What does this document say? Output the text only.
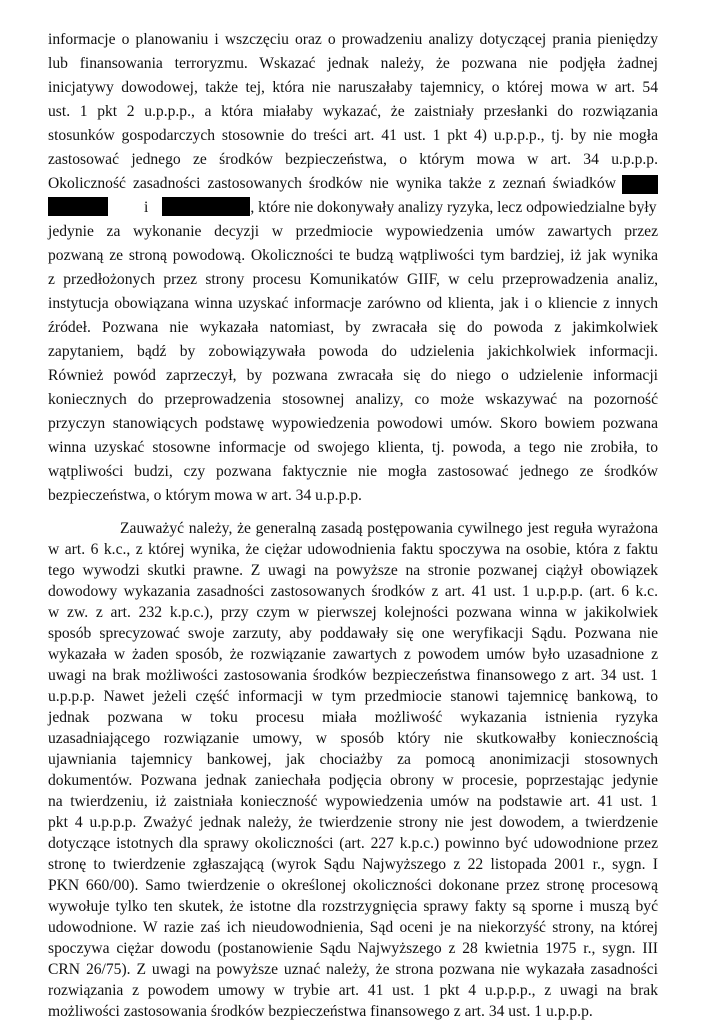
informacje o planowaniu i wszczęciu oraz o prowadzeniu analizy dotyczącej prania pieniędzy
lub finansowania terroryzmu. Wskazać jednak należy, że pozwana nie podjęła żadnej
inicjatywy dowodowej, także tej, która nie naruszałaby tajemnicy, o której mowa w art. 54
ust. 1 pkt 2 u.p.p.p., a która miałaby wykazać, że zaistniały przesłanki do rozwiązania
stosunków gospodarczych stosownie do treści art. 41 ust. 1 pkt 4) u.p.p.p., tj. by nie mogła
zastosować jednego ze środków bezpieczeństwa, o którym mowa w art. 34 u.p.p.p.
Okoliczność zasadności zastosowanych środków nie wynika także z zeznań świadków
i	, które nie dokonywały analizy ryzyka, lecz odpowiedzialne były
jedynie za wykonanie decyzji w przedmiocie wypowiedzenia umów zawartych przez
pozwaną ze stroną powodową. Okoliczności te budzą wątpliwości tym bardziej, iż jak wynika
z przedłożonych przez strony procesu Komunikatów GIIF, w celu przeprowadzenia analiz,
instytucja obowiązana winna uzyskać informacje zarówno od klienta, jak i o kliencie z innych
źródeł. Pozwana nie wykazała natomiast, by zwracała się do powoda z jakimkolwiek
zapytaniem, bądź by zobowiązywała powoda do udzielenia jakichkolwiek informacji.
Również powód zaprzeczył, by pozwana zwracała się do niego o udzielenie informacji
koniecznych do przeprowadzenia stosownej analizy, co może wskazywać na pozorność
przyczyn stanowiących podstawę wypowiedzenia powodowi umów. Skoro bowiem pozwana
winna uzyskać stosowne informacje od swojego klienta, tj. powoda, a tego nie zrobiła, to
wątpliwości budzi, czy pozwana faktycznie nie mogła zastosować jednego ze środków
bezpieczeństwa, o którym mowa w art. 34 u.p.p.p.
Zauważyć należy, że generalną zasadą postępowania cywilnego jest reguła wyrażona
w art. 6 k.c., z której wynika, że ciężar udowodnienia faktu spoczywa na osobie, która z faktu
tego wywodzi skutki prawne. Z uwagi na powyższe na stronie pozwanej ciążył obowiązek
dowodowy wykazania zasadności zastosowanych środków z art. 41 ust. 1 u.p.p.p. (art. 6 k.c.
w zw. z art. 232 k.p.c.), przy czym w pierwszej kolejności pozwana winna w jakikolwiek
sposób sprecyzować swoje zarzuty, aby poddawały się one weryfikacji Sądu. Pozwana nie
wykazała w żaden sposób, że rozwiązanie zawartych z powodem umów było uzasadnione z
uwagi na brak możliwości zastosowania środków bezpieczeństwa finansowego z art. 34 ust. 1
u.p.p.p. Nawet jeżeli część informacji w tym przedmiocie stanowi tajemnicę bankową, to
jednak pozwana w toku procesu miała możliwość wykazania istnienia ryzyka
uzasadniającego rozwiązanie umowy, w sposób który nie skutkowałby koniecznością
ujawniania tajemnicy bankowej, jak chociażby za pomocą anonimizacji stosownych
dokumentów. Pozwana jednak zaniechała podjęcia obrony w procesie, poprzestając jedynie
na twierdzeniu, iż zaistniała konieczność wypowiedzenia umów na podstawie art. 41 ust. 1
pkt 4 u.p.p.p. Zważyć jednak należy, że twierdzenie strony nie jest dowodem, a twierdzenie
dotyczące istotnych dla sprawy okoliczności (art. 227 k.p.c.) powinno być udowodnione przez
stronę to twierdzenie zgłaszającą (wyrok Sądu Najwyższego z 22 listopada 2001 r., sygn. I
PKN 660/00). Samo twierdzenie o określonej okoliczności dokonane przez stronę procesową
wywołuje tylko ten skutek, że istotne dla rozstrzygnięcia sprawy fakty są sporne i muszą być
udowodnione. W razie zaś ich nieudowodnienia, Sąd oceni je na niekorzyść strony, na której
spoczywa ciężar dowodu (postanowienie Sądu Najwyższego z 28 kwietnia 1975 r., sygn. III
CRN 26/75). Z uwagi na powyższe uznać należy, że strona pozwana nie wykazała zasadności
rozwiązania z powodem umowy w trybie art. 41 ust. 1 pkt 4 u.p.p.p., z uwagi na brak
możliwości zastosowania środków bezpieczeństwa finansowego z art. 34 ust. 1 u.p.p.p.
